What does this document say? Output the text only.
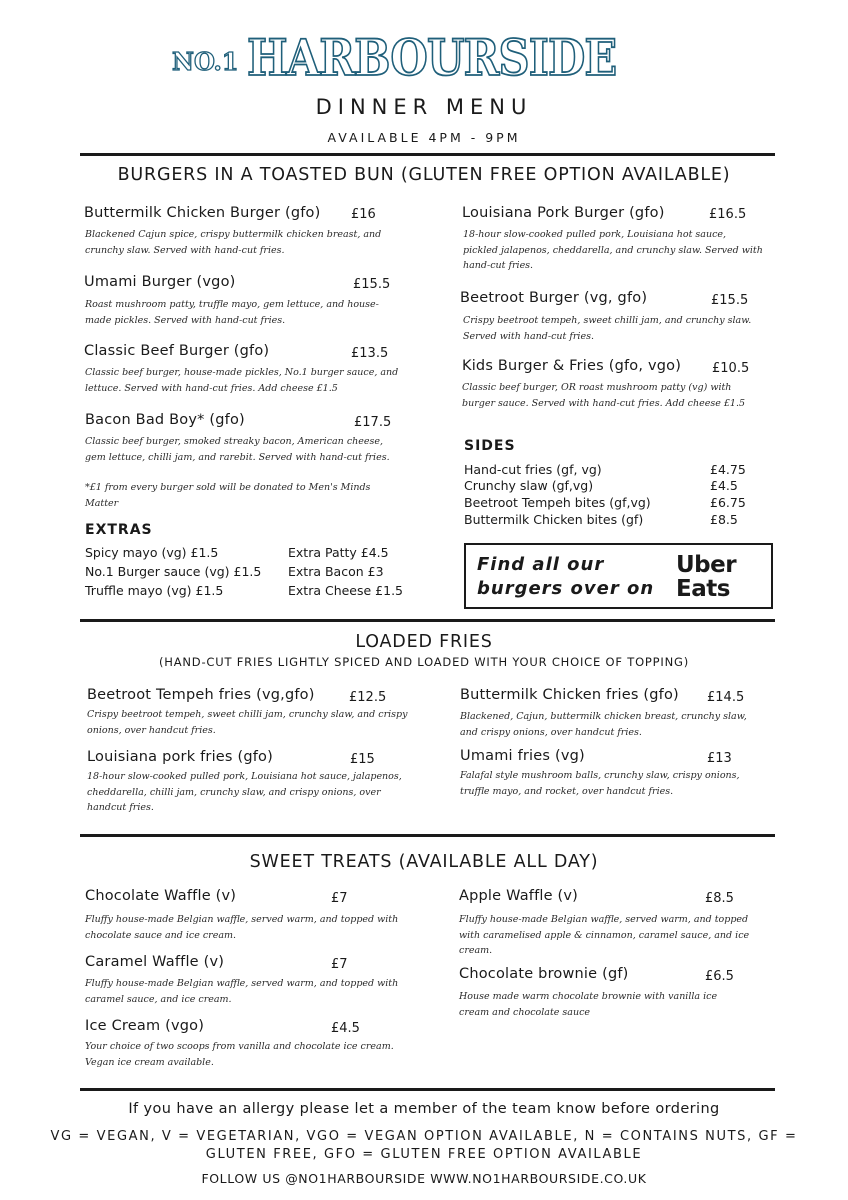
NO.1 HARBOURSIDE
DINNER MENU
AVAILABLE 4PM - 9PM
BURGERS IN A TOASTED BUN (GLUTEN FREE OPTION AVAILABLE)
Buttermilk Chicken Burger (gfo) £16
Blackened Cajun spice, crispy buttermilk chicken breast, and crunchy slaw. Served with hand-cut fries.
Umami Burger (vgo)	£15.5
Roast mushroom patty, truffle mayo, gem lettuce, and house-made pickles. Served with hand-cut fries.
Classic Beef Burger (gfo)	£13.5
Classic beef burger, house-made pickles, No.1 burger sauce, and lettuce. Served with hand-cut fries. Add cheese £1.5
Bacon Bad Boy* (gfo)	£17.5
Classic beef burger, smoked streaky bacon, American cheese, gem lettuce, chilli jam, and rarebit. Served with hand-cut fries.
*£1 from every burger sold will be donated to Men's Minds Matter
EXTRAS
Spicy mayo (vg) £1.5
No.1 Burger sauce (vg) £1.5
Truffle mayo (vg) £1.5
Extra Patty £4.5
Extra Bacon £3
Extra Cheese £1.5
Louisiana Pork Burger (gfo)	£16.5
18-hour slow-cooked pulled pork, Louisiana hot sauce, pickled jalapenos, cheddarella, and crunchy slaw. Served with hand-cut fries.
Beetroot Burger (vg, gfo)	£15.5
Crispy beetroot tempeh, sweet chilli jam, and crunchy slaw. Served with hand-cut fries.
Kids Burger & Fries (gfo, vgo) £10.5
Classic beef burger, OR roast mushroom patty (vg) with burger sauce. Served with hand-cut fries. Add cheese £1.5
SIDES
Hand-cut fries (gf, vg)	£4.75
Crunchy slaw (gf,vg)	£4.5
Beetroot Tempeh bites (gf,vg)	£6.75
Buttermilk Chicken bites (gf)	£8.5
Find all our
burgers over on
Uber
Eats
LOADED FRIES
(HAND-CUT FRIES LIGHTLY SPICED AND LOADED WITH YOUR CHOICE OF TOPPING)
Beetroot Tempeh fries (vg,gfo)	£12.5
Crispy beetroot tempeh, sweet chilli jam, crunchy slaw, and crispy onions, over handcut fries.
Louisiana pork fries (gfo)	£15
18-hour slow-cooked pulled pork, Louisiana hot sauce, jalapenos, cheddarella, chilli jam, crunchy slaw, and crispy onions, over handcut fries.
Buttermilk Chicken fries (gfo) £14.5
Blackened, Cajun, buttermilk chicken breast, crunchy slaw, and crispy onions, over handcut fries.
Umami fries (vg)	£13
Falafal style mushroom balls, crunchy slaw, crispy onions, truffle mayo, and rocket, over handcut fries.
SWEET TREATS (AVAILABLE ALL DAY)
Chocolate Waffle (v)	£7
Fluffy house-made Belgian waffle, served warm, and topped with chocolate sauce and ice cream.
Caramel Waffle (v)	£7
Fluffy house-made Belgian waffle, served warm, and topped with caramel sauce, and ice cream.
Ice Cream (vgo)	£4.5
Your choice of two scoops from vanilla and chocolate ice cream. Vegan ice cream available.
Apple Waffle (v)	£8.5
Fluffy house-made Belgian waffle, served warm, and topped with caramelised apple & cinnamon, caramel sauce, and ice cream.
Chocolate brownie (gf)	£6.5
House made warm chocolate brownie with vanilla ice cream and chocolate sauce
If you have an allergy please let a member of the team know before ordering
VG = VEGAN, V = VEGETARIAN, VGO = VEGAN OPTION AVAILABLE, N = CONTAINS NUTS, GF = GLUTEN FREE, GFO = GLUTEN FREE OPTION AVAILABLE
FOLLOW US @NO1HARBOURSIDE WWW.NO1HARBOURSIDE.CO.UK
